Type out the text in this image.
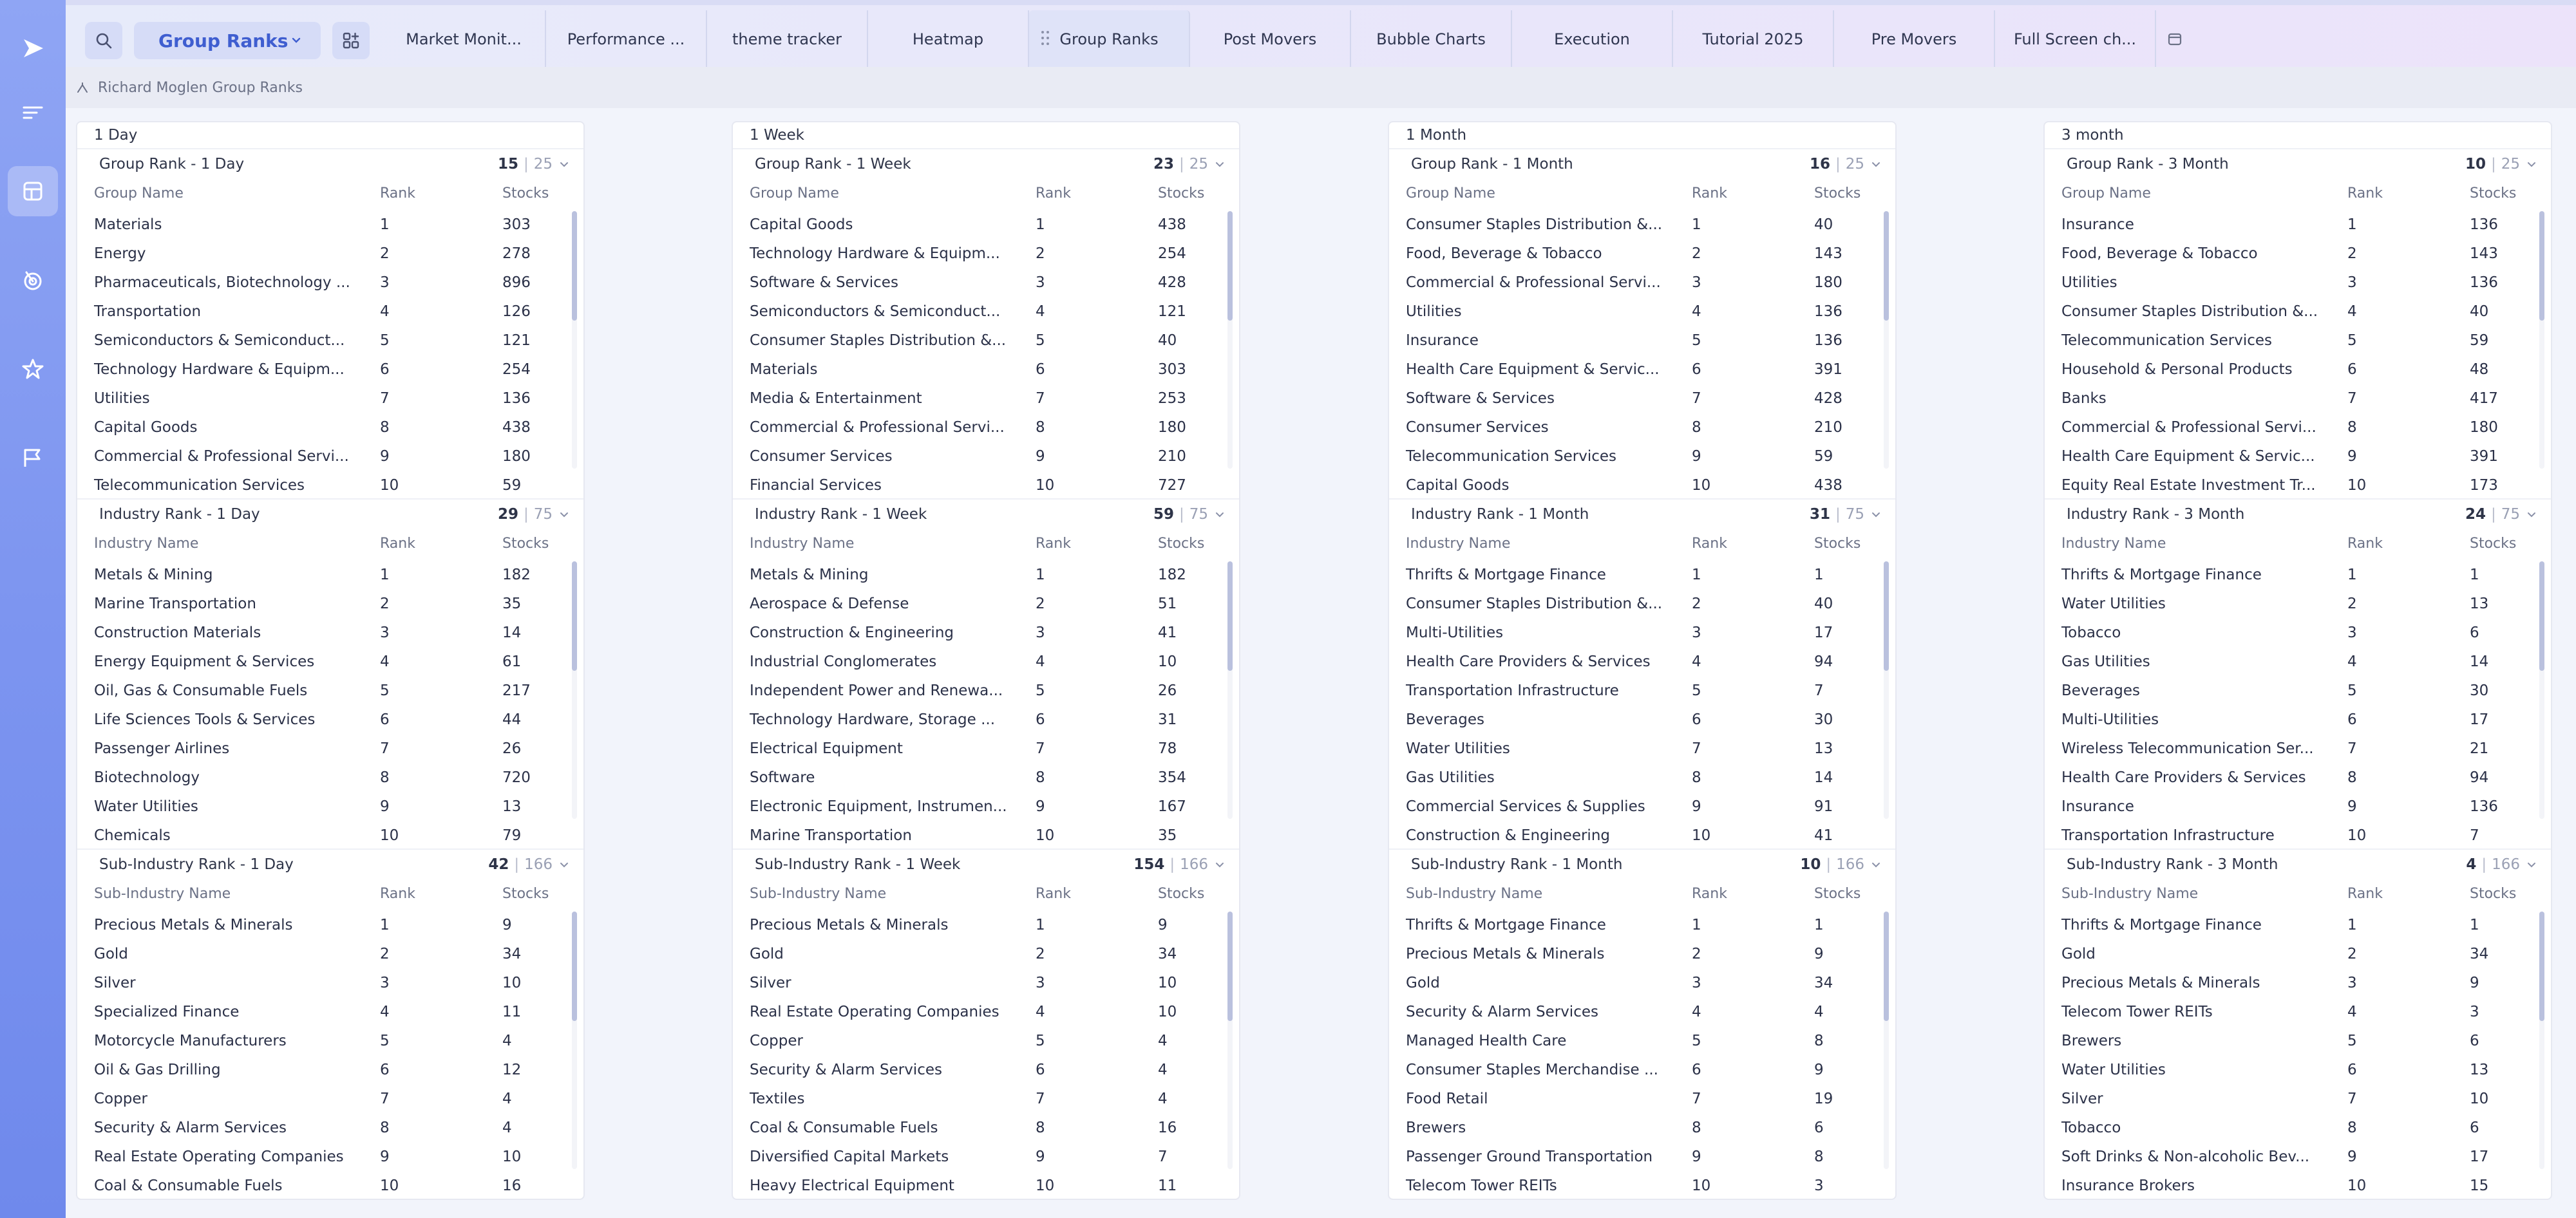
Group Ranks	Market Monit...	Performance ...	theme tracker	Heatmap	Group Ranks	Post Movers	Bubble Charts	Execution	Tutorial 2025	Pre Movers	Full Screen ch...
Richard Moglen Group Ranks
1 Day
Group Rank - 1 Day	15 | 25
Group Name	Rank	Stocks
Materials	1	303
Energy	2	278
Pharmaceuticals, Biotechnology ...	3	896
Transportation	4	126
Semiconductors & Semiconduct...	5	121
Technology Hardware & Equipm...	6	254
Utilities	7	136
Capital Goods	8	438
Commercial & Professional Servi...	9	180
Telecommunication Services	10	59
Industry Rank - 1 Day	29 | 75
Industry Name	Rank	Stocks
Metals & Mining	1	182
Marine Transportation	2	35
Construction Materials	3	14
Energy Equipment & Services	4	61
Oil, Gas & Consumable Fuels	5	217
Life Sciences Tools & Services	6	44
Passenger Airlines	7	26
Biotechnology	8	720
Water Utilities	9	13
Chemicals	10	79
Sub-Industry Rank - 1 Day	42 | 166
Sub-Industry Name	Rank	Stocks
Precious Metals & Minerals	1	9
Gold	2	34
Silver	3	10
Specialized Finance	4	11
Motorcycle Manufacturers	5	4
Oil & Gas Drilling	6	12
Copper	7	4
Security & Alarm Services	8	4
Real Estate Operating Companies	9	10
Coal & Consumable Fuels	10	16
1 Week
Group Rank - 1 Week	23 | 25
Group Name	Rank	Stocks
Capital Goods	1	438
Technology Hardware & Equipm...	2	254
Software & Services	3	428
Semiconductors & Semiconduct...	4	121
Consumer Staples Distribution &...	5	40
Materials	6	303
Media & Entertainment	7	253
Commercial & Professional Servi...	8	180
Consumer Services	9	210
Financial Services	10	727
Industry Rank - 1 Week	59 | 75
Industry Name	Rank	Stocks
Metals & Mining	1	182
Aerospace & Defense	2	51
Construction & Engineering	3	41
Industrial Conglomerates	4	10
Independent Power and Renewa...	5	26
Technology Hardware, Storage ...	6	31
Electrical Equipment	7	78
Software	8	354
Electronic Equipment, Instrumen...	9	167
Marine Transportation	10	35
Sub-Industry Rank - 1 Week	154 | 166
Sub-Industry Name	Rank	Stocks
Precious Metals & Minerals	1	9
Gold	2	34
Silver	3	10
Real Estate Operating Companies	4	10
Copper	5	4
Security & Alarm Services	6	4
Textiles	7	4
Coal & Consumable Fuels	8	16
Diversified Capital Markets	9	7
Heavy Electrical Equipment	10	11
1 Month
Group Rank - 1 Month	16 | 25
Group Name	Rank	Stocks
Consumer Staples Distribution &...	1	40
Food, Beverage & Tobacco	2	143
Commercial & Professional Servi...	3	180
Utilities	4	136
Insurance	5	136
Health Care Equipment & Servic...	6	391
Software & Services	7	428
Consumer Services	8	210
Telecommunication Services	9	59
Capital Goods	10	438
Industry Rank - 1 Month	31 | 75
Industry Name	Rank	Stocks
Thrifts & Mortgage Finance	1	1
Consumer Staples Distribution &...	2	40
Multi-Utilities	3	17
Health Care Providers & Services	4	94
Transportation Infrastructure	5	7
Beverages	6	30
Water Utilities	7	13
Gas Utilities	8	14
Commercial Services & Supplies	9	91
Construction & Engineering	10	41
Sub-Industry Rank - 1 Month	10 | 166
Sub-Industry Name	Rank	Stocks
Thrifts & Mortgage Finance	1	1
Precious Metals & Minerals	2	9
Gold	3	34
Security & Alarm Services	4	4
Managed Health Care	5	8
Consumer Staples Merchandise ...	6	9
Food Retail	7	19
Brewers	8	6
Passenger Ground Transportation	9	8
Telecom Tower REITs	10	3
3 month
Group Rank - 3 Month	10 | 25
Group Name	Rank	Stocks
Insurance	1	136
Food, Beverage & Tobacco	2	143
Utilities	3	136
Consumer Staples Distribution &...	4	40
Telecommunication Services	5	59
Household & Personal Products	6	48
Banks	7	417
Commercial & Professional Servi...	8	180
Health Care Equipment & Servic...	9	391
Equity Real Estate Investment Tr...	10	173
Industry Rank - 3 Month	24 | 75
Industry Name	Rank	Stocks
Thrifts & Mortgage Finance	1	1
Water Utilities	2	13
Tobacco	3	6
Gas Utilities	4	14
Beverages	5	30
Multi-Utilities	6	17
Wireless Telecommunication Ser...	7	21
Health Care Providers & Services	8	94
Insurance	9	136
Transportation Infrastructure	10	7
Sub-Industry Rank - 3 Month	4 | 166
Sub-Industry Name	Rank	Stocks
Thrifts & Mortgage Finance	1	1
Gold	2	34
Precious Metals & Minerals	3	9
Telecom Tower REITs	4	3
Brewers	5	6
Water Utilities	6	13
Silver	7	10
Tobacco	8	6
Soft Drinks & Non-alcoholic Bev...	9	17
Insurance Brokers	10	15
